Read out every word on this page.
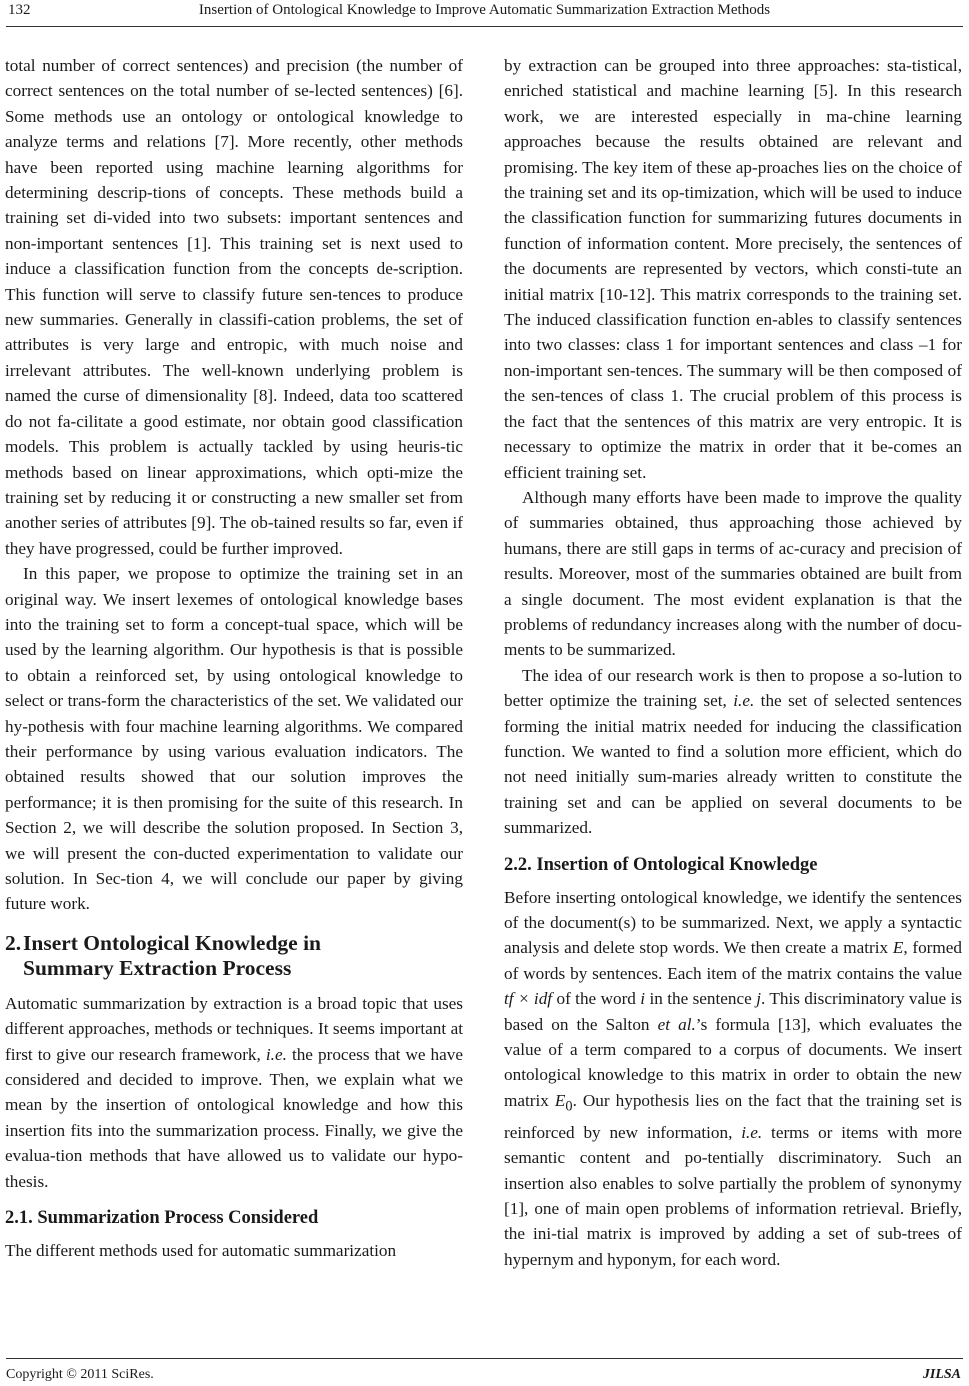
132	Insertion of Ontological Knowledge to Improve Automatic Summarization Extraction Methods

total number of correct sentences) and precision (the number of correct sentences on the total number of se-lected sentences) [6]. Some methods use an ontology or ontological knowledge to analyze terms and relations [7]. More recently, other methods have been reported using machine learning algorithms for determining descrip-tions of concepts. These methods build a training set di-vided into two subsets: important sentences and non-important sentences [1]. This training set is next used to induce a classification function from the concepts de-scription. This function will serve to classify future sen-tences to produce new summaries. Generally in classifi-cation problems, the set of attributes is very large and entropic, with much noise and irrelevant attributes. The well-known underlying problem is named the curse of dimensionality [8]. Indeed, data too scattered do not fa-cilitate a good estimate, nor obtain good classification models. This problem is actually tackled by using heuris-tic methods based on linear approximations, which opti-mize the training set by reducing it or constructing a new smaller set from another series of attributes [9]. The ob-tained results so far, even if they have progressed, could be further improved.

In this paper, we propose to optimize the training set in an original way. We insert lexemes of ontological knowledge bases into the training set to form a concept-tual space, which will be used by the learning algorithm. Our hypothesis is that is possible to obtain a reinforced set, by using ontological knowledge to select or trans-form the characteristics of the set. We validated our hy-pothesis with four machine learning algorithms. We compared their performance by using various evaluation indicators. The obtained results showed that our solution improves the performance; it is then promising for the suite of this research. In Section 2, we will describe the solution proposed. In Section 3, we will present the con-ducted experimentation to validate our solution. In Sec-tion 4, we will conclude our paper by giving future work.

2.Insert Ontological Knowledge in
Summary Extraction Process

Automatic summarization by extraction is a broad topic that uses different approaches, methods or techniques. It seems important at first to give our research framework, i.e. the process that we have considered and decided to improve. Then, we explain what we mean by the insertion of ontological knowledge and how this insertion fits into the summarization process. Finally, we give the evalua-tion methods that have allowed us to validate our hypo-thesis.

2.1. Summarization Process Considered

The different methods used for automatic summarization

by extraction can be grouped into three approaches: sta-tistical, enriched statistical and machine learning [5]. In this research work, we are interested especially in ma-chine learning approaches because the results obtained are relevant and promising. The key item of these ap-proaches lies on the choice of the training set and its op-timization, which will be used to induce the classification function for summarizing futures documents in function of information content. More precisely, the sentences of the documents are represented by vectors, which consti-tute an initial matrix [10-12]. This matrix corresponds to the training set. The induced classification function en-ables to classify sentences into two classes: class 1 for important sentences and class –1 for non-important sen-tences. The summary will be then composed of the sen-tences of class 1. The crucial problem of this process is the fact that the sentences of this matrix are very entropic. It is necessary to optimize the matrix in order that it be-comes an efficient training set.

Although many efforts have been made to improve the quality of summaries obtained, thus approaching those achieved by humans, there are still gaps in terms of ac-curacy and precision of results. Moreover, most of the summaries obtained are built from a single document. The most evident explanation is that the problems of redundancy increases along with the number of docu-ments to be summarized.

The idea of our research work is then to propose a so-lution to better optimize the training set, i.e. the set of selected sentences forming the initial matrix needed for inducing the classification function. We wanted to find a solution more efficient, which do not need initially sum-maries already written to constitute the training set and can be applied on several documents to be summarized.

2.2. Insertion of Ontological Knowledge

Before inserting ontological knowledge, we identify the sentences of the document(s) to be summarized. Next, we apply a syntactic analysis and delete stop words. We then create a matrix E, formed of words by sentences. Each item of the matrix contains the value tf × idf of the word i in the sentence j. This discriminatory value is based on the Salton et al.’s formula [13], which evaluates the value of a term compared to a corpus of documents. We insert ontological knowledge to this matrix in order to obtain the new matrix $E_0$. Our hypothesis lies on the fact that the training set is reinforced by new information, i.e. terms or items with more semantic content and po-tentially discriminatory. Such an insertion also enables to solve partially the problem of synonymy [1], one of main open problems of information retrieval. Briefly, the ini-tial matrix is improved by adding a set of sub-trees of hypernym and hyponym, for each word.

Copyright © 2011 SciRes.	JILSA
